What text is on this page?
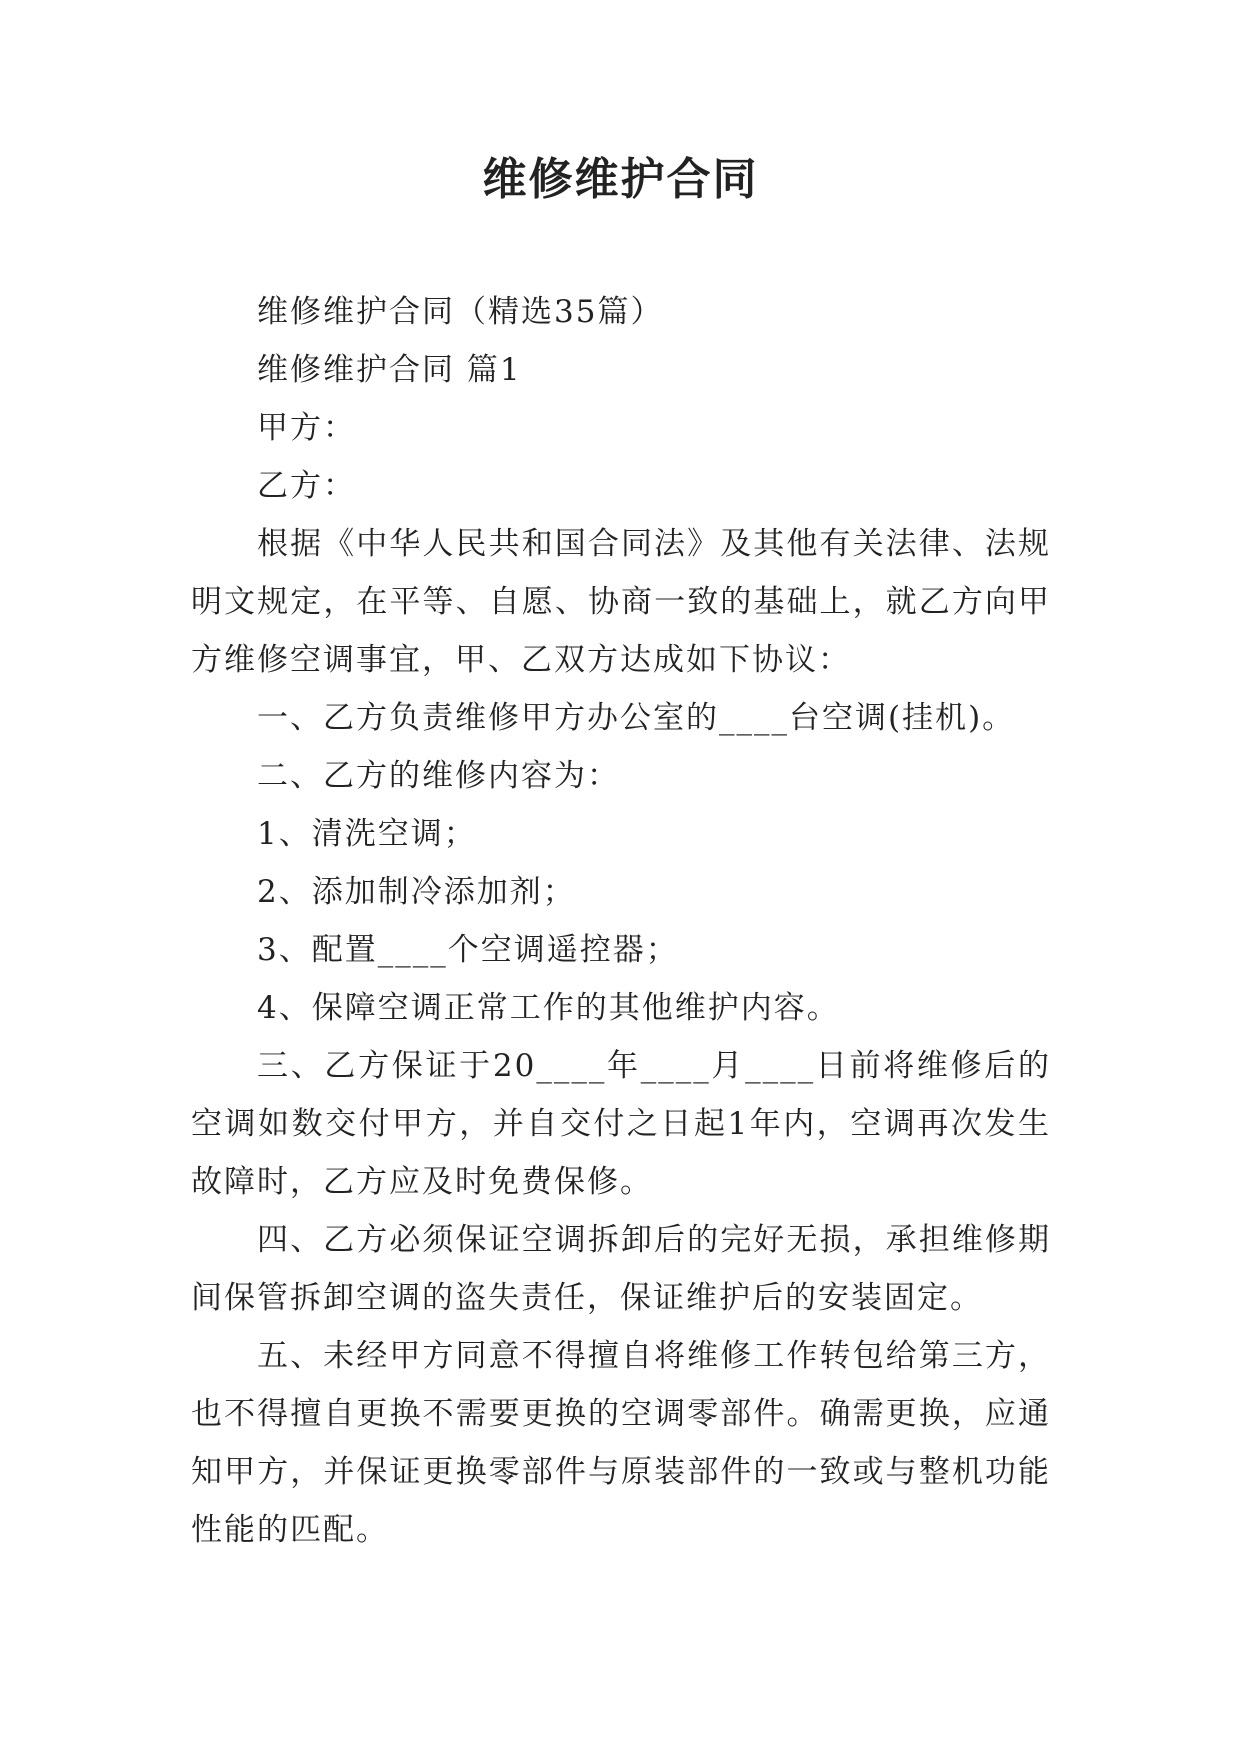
维修维护合同

维修维护合同（精选35篇）

维修维护合同 篇1

甲方：

乙方：

根据《中华人民共和国合同法》及其他有关法律、法规明文规定，在平等、自愿、协商一致的基础上，就乙方向甲方维修空调事宜，甲、乙双方达成如下协议：

一、乙方负责维修甲方办公室的____台空调(挂机)。

二、乙方的维修内容为：

1、清洗空调；

2、添加制冷添加剂；

3、配置____个空调遥控器；

4、保障空调正常工作的其他维护内容。

三、乙方保证于20____年____月____日前将维修后的空调如数交付甲方，并自交付之日起1年内，空调再次发生故障时，乙方应及时免费保修。

四、乙方必须保证空调拆卸后的完好无损，承担维修期间保管拆卸空调的盗失责任，保证维护后的安装固定。

五、未经甲方同意不得擅自将维修工作转包给第三方，也不得擅自更换不需要更换的空调零部件。确需更换，应通知甲方，并保证更换零部件与原装部件的一致或与整机功能性能的匹配。
